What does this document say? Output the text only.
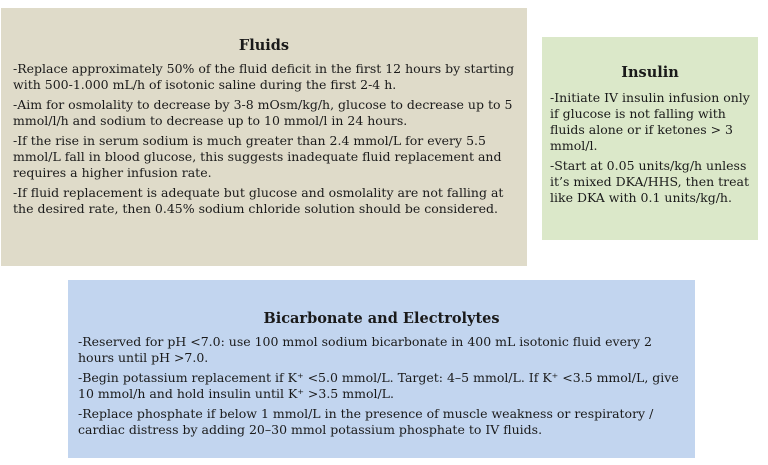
Fluids

-Replace approximately 50% of the fluid deficit in the first 12 hours by starting with 500-1.000 mL/h of isotonic saline during the first 2-4 h.

-Aim for osmolality to decrease by 3-8 mOsm/kg/h, glucose to decrease up to 5 mmol/l/h and sodium to decrease up to 10 mmol/l in 24 hours.

-If the rise in serum sodium is much greater than 2.4 mmol/L for every 5.5 mmol/L fall in blood glucose, this suggests inadequate fluid replacement and requires a higher infusion rate.

-If fluid replacement is adequate but glucose and osmolality are not falling at the desired rate, then 0.45% sodium chloride solution should be considered.

Insulin

-Initiate IV insulin infusion only if glucose is not falling with fluids alone or if ketones > 3 mmol/l.

-Start at 0.05 units/kg/h unless it’s mixed DKA/HHS, then treat like DKA with 0.1 units/kg/h.

Bicarbonate and Electrolytes

-Reserved for pH <7.0: use 100 mmol sodium bicarbonate in 400 mL isotonic fluid every 2 hours until pH >7.0.

-Begin potassium replacement if K⁺ <5.0 mmol/L. Target: 4–5 mmol/L. If K⁺ <3.5 mmol/L, give 10 mmol/h and hold insulin until K⁺ >3.5 mmol/L.

-Replace phosphate if below 1 mmol/L in the presence of muscle weakness or respiratory / cardiac distress by adding 20–30 mmol potassium phosphate to IV fluids.
